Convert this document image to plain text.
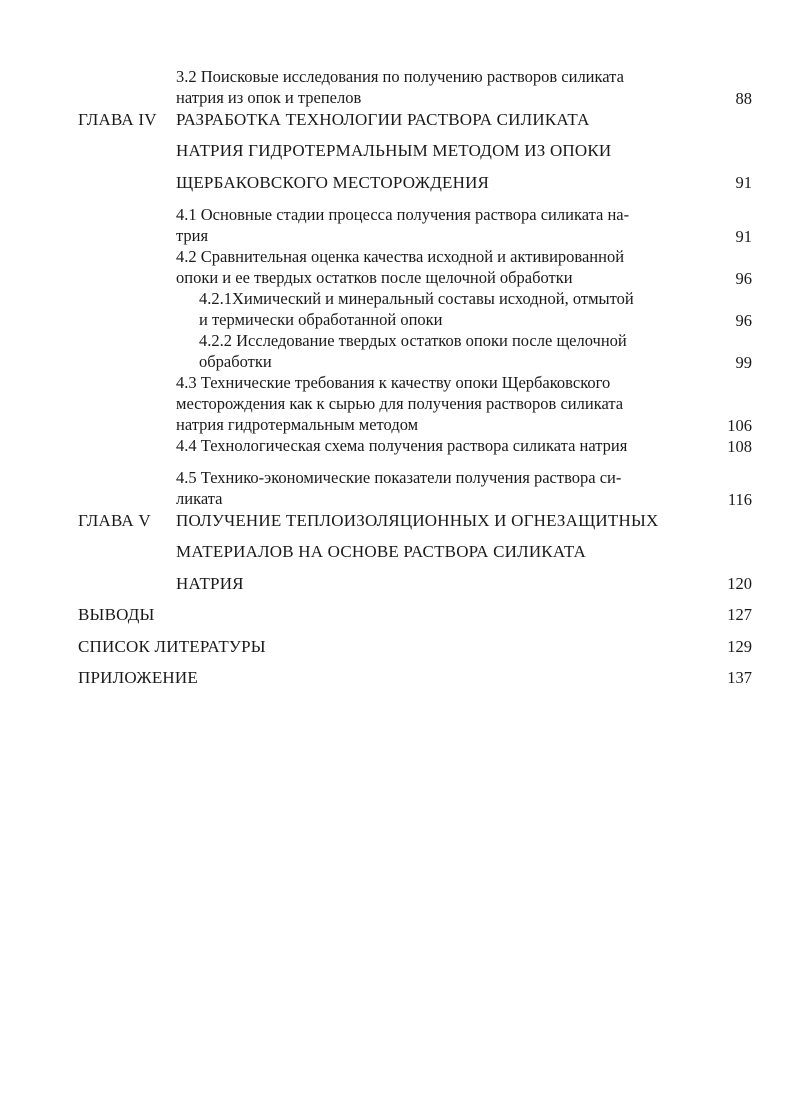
3.2 Поисковые исследования по получению растворов силиката
натрия из опок и трепелов	88
ГЛАВА IV РАЗРАБОТКА ТЕХНОЛОГИИ РАСТВОРА СИЛИКАТА
НАТРИЯ ГИДРОТЕРМАЛЬНЫМ МЕТОДОМ ИЗ ОПОКИ
ЩЕРБАКОВСКОГО МЕСТОРОЖДЕНИЯ	91
4.1 Основные стадии процесса получения раствора силиката на-
трия	91
4.2 Сравнительная оценка качества исходной и активированной
опоки и ее твердых остатков после щелочной обработки	96
4.2.1Химический и минеральный составы исходной, отмытой
и термически обработанной опоки	96
4.2.2 Исследование твердых остатков опоки после щелочной
обработки	99
4.3 Технические требования к качеству опоки Щербаковского
месторождения как к сырью для получения растворов силиката
натрия гидротермальным методом	106
4.4 Технологическая схема получения раствора силиката натрия	108
4.5 Технико-экономические показатели получения раствора си-
ликата	116
ГЛАВА V ПОЛУЧЕНИЕ ТЕПЛОИЗОЛЯЦИОННЫХ И ОГНЕЗАЩИТНЫХ
МАТЕРИАЛОВ НА ОСНОВЕ РАСТВОРА СИЛИКАТА
НАТРИЯ	120
ВЫВОДЫ	127
СПИСОК ЛИТЕРАТУРЫ	129
ПРИЛОЖЕНИЕ	137
